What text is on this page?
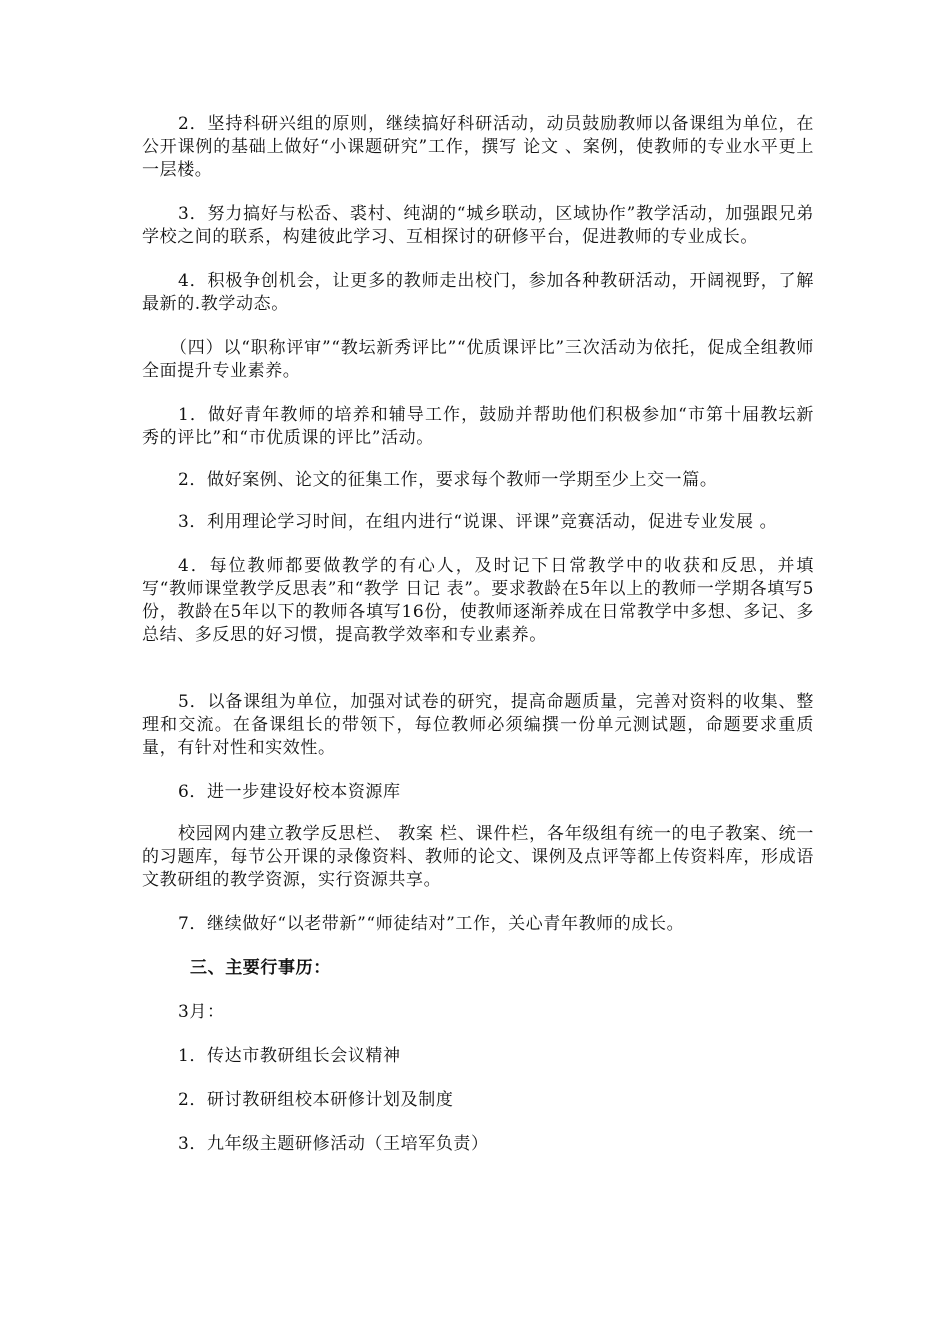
2．坚持科研兴组的原则，继续搞好科研活动，动员鼓励教师以备课组为单位，在公开课例的基础上做好“小课题研究”工作，撰写 论文 、案例，使教师的专业水平更上一层楼。

3．努力搞好与松岙、裘村、纯湖的“城乡联动，区域协作”教学活动，加强跟兄弟学校之间的联系，构建彼此学习、互相探讨的研修平台，促进教师的专业成长。

4．积极争创机会，让更多的教师走出校门，参加各种教研活动，开阔视野，了解最新的.教学动态。

（四）以“职称评审”“教坛新秀评比”“优质课评比”三次活动为依托，促成全组教师全面提升专业素养。

1．做好青年教师的培养和辅导工作，鼓励并帮助他们积极参加“市第十届教坛新秀的评比”和“市优质课的评比”活动。

2．做好案例、论文的征集工作，要求每个教师一学期至少上交一篇。

3．利用理论学习时间，在组内进行“说课、评课”竞赛活动，促进专业发展 。

4．每位教师都要做教学的有心人，及时记下日常教学中的收获和反思，并填写“教师课堂教学反思表”和“教学 日记 表”。要求教龄在5年以上的教师一学期各填写5份，教龄在5年以下的教师各填写16份，使教师逐渐养成在日常教学中多想、多记、多总结、多反思的好习惯，提高教学效率和专业素养。

5．以备课组为单位，加强对试卷的研究，提高命题质量，完善对资料的收集、整理和交流。在备课组长的带领下，每位教师必须编撰一份单元测试题，命题要求重质量，有针对性和实效性。

6．进一步建设好校本资源库

校园网内建立教学反思栏、 教案 栏、课件栏，各年级组有统一的电子教案、统一的习题库，每节公开课的录像资料、教师的论文、课例及点评等都上传资料库，形成语文教研组的教学资源，实行资源共享。

7．继续做好“以老带新”“师徒结对”工作，关心青年教师的成长。

三、主要行事历：

3月：

1．传达市教研组长会议精神

2．研讨教研组校本研修计划及制度

3．九年级主题研修活动（王培军负责）
